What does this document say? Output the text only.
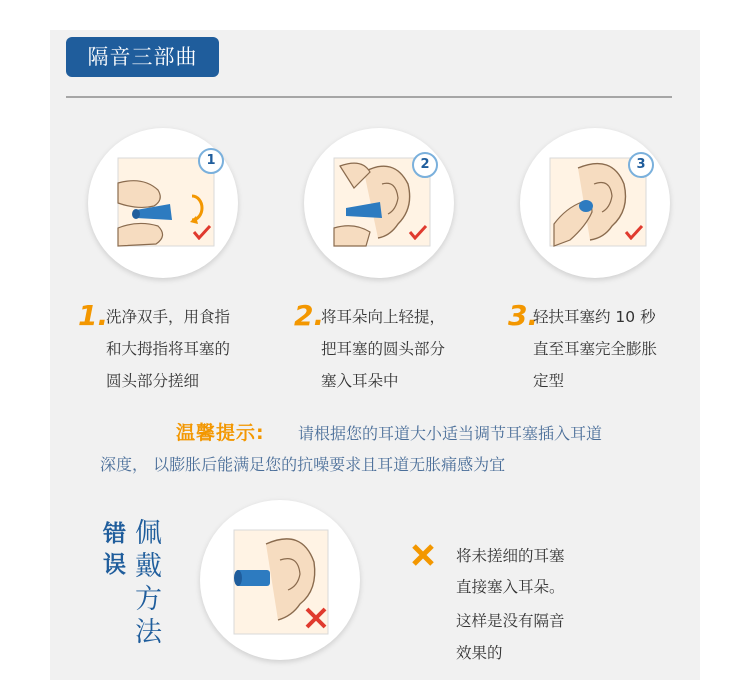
隔音三部曲
1	2	3
1.
洗净双手，用食指
和大拇指将耳塞的
圆头部分搓细
2.
将耳朵向上轻提，
把耳塞的圆头部分
塞入耳朵中
3.
轻扶耳塞约 10 秒
直至耳塞完全膨胀
定型
温馨提示: 请根据您的耳道大小适当调节耳塞插入耳道
深度， 以膨胀后能满足您的抗噪要求且耳道无胀痛感为宜
错
误
佩
戴
方
法
将未搓细的耳塞
直接塞入耳朵。
这样是没有隔音
效果的
